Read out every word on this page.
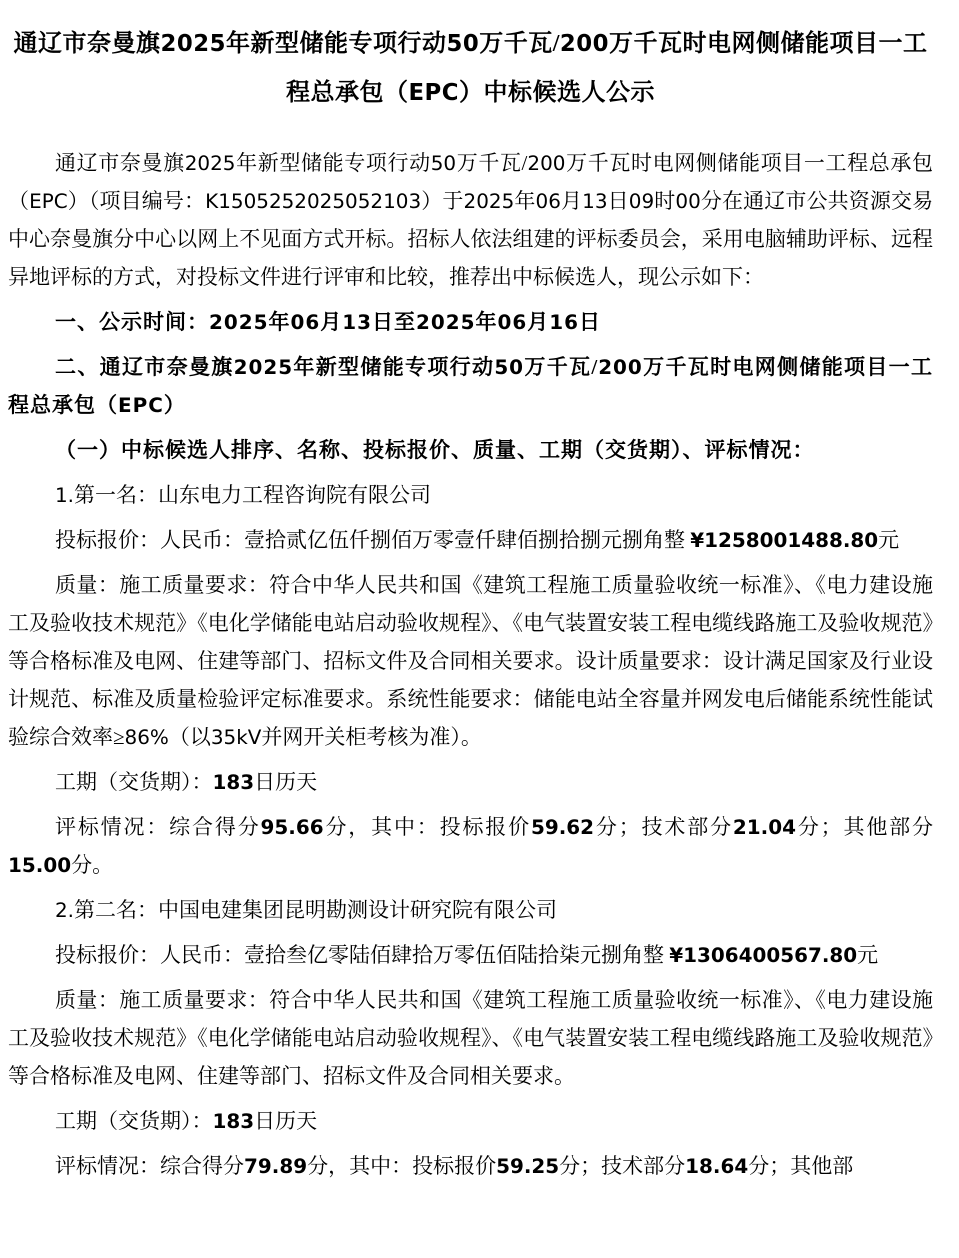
通辽市奈曼旗2025年新型储能专项行动50万千瓦/200万千瓦时电网侧储能项目一工程总承包（EPC）中标候选人公示

通辽市奈曼旗2025年新型储能专项行动50万千瓦/200万千瓦时电网侧储能项目一工程总承包（EPC）（项目编号：K1505252025052103）于2025年06月13日09时00分在通辽市公共资源交易中心奈曼旗分中心以网上不见面方式开标。招标人依法组建的评标委员会，采用电脑辅助评标、远程异地评标的方式，对投标文件进行评审和比较，推荐出中标候选人，现公示如下：

一、公示时间：2025年06月13日至2025年06月16日

二、通辽市奈曼旗2025年新型储能专项行动50万千瓦/200万千瓦时电网侧储能项目一工程总承包（EPC）

（一）中标候选人排序、名称、投标报价、质量、工期（交货期）、评标情况：

1.第一名：山东电力工程咨询院有限公司

投标报价：人民币：壹拾贰亿伍仟捌佰万零壹仟肆佰捌拾捌元捌角整 ¥1258001488.80元

质量：施工质量要求：符合中华人民共和国《建筑工程施工质量验收统一标准》、《电力建设施工及验收技术规范》《电化学储能电站启动验收规程》、《电气装置安装工程电缆线路施工及验收规范》等合格标准及电网、住建等部门、招标文件及合同相关要求。设计质量要求：设计满足国家及行业设计规范、标准及质量检验评定标准要求。系统性能要求：储能电站全容量并网发电后储能系统性能试验综合效率≥86%（以35kV并网开关柜考核为准）。

工期（交货期）：183日历天

评标情况：综合得分95.66分，其中：投标报价59.62分；技术部分21.04分；其他部分15.00分。

2.第二名：中国电建集团昆明勘测设计研究院有限公司

投标报价：人民币：壹拾叁亿零陆佰肆拾万零伍佰陆拾柒元捌角整 ¥1306400567.80元

质量：施工质量要求：符合中华人民共和国《建筑工程施工质量验收统一标准》、《电力建设施工及验收技术规范》《电化学储能电站启动验收规程》、《电气装置安装工程电缆线路施工及验收规范》等合格标准及电网、住建等部门、招标文件及合同相关要求。

工期（交货期）：183日历天

评标情况：综合得分79.89分，其中：投标报价59.25分；技术部分18.64分；其他部
